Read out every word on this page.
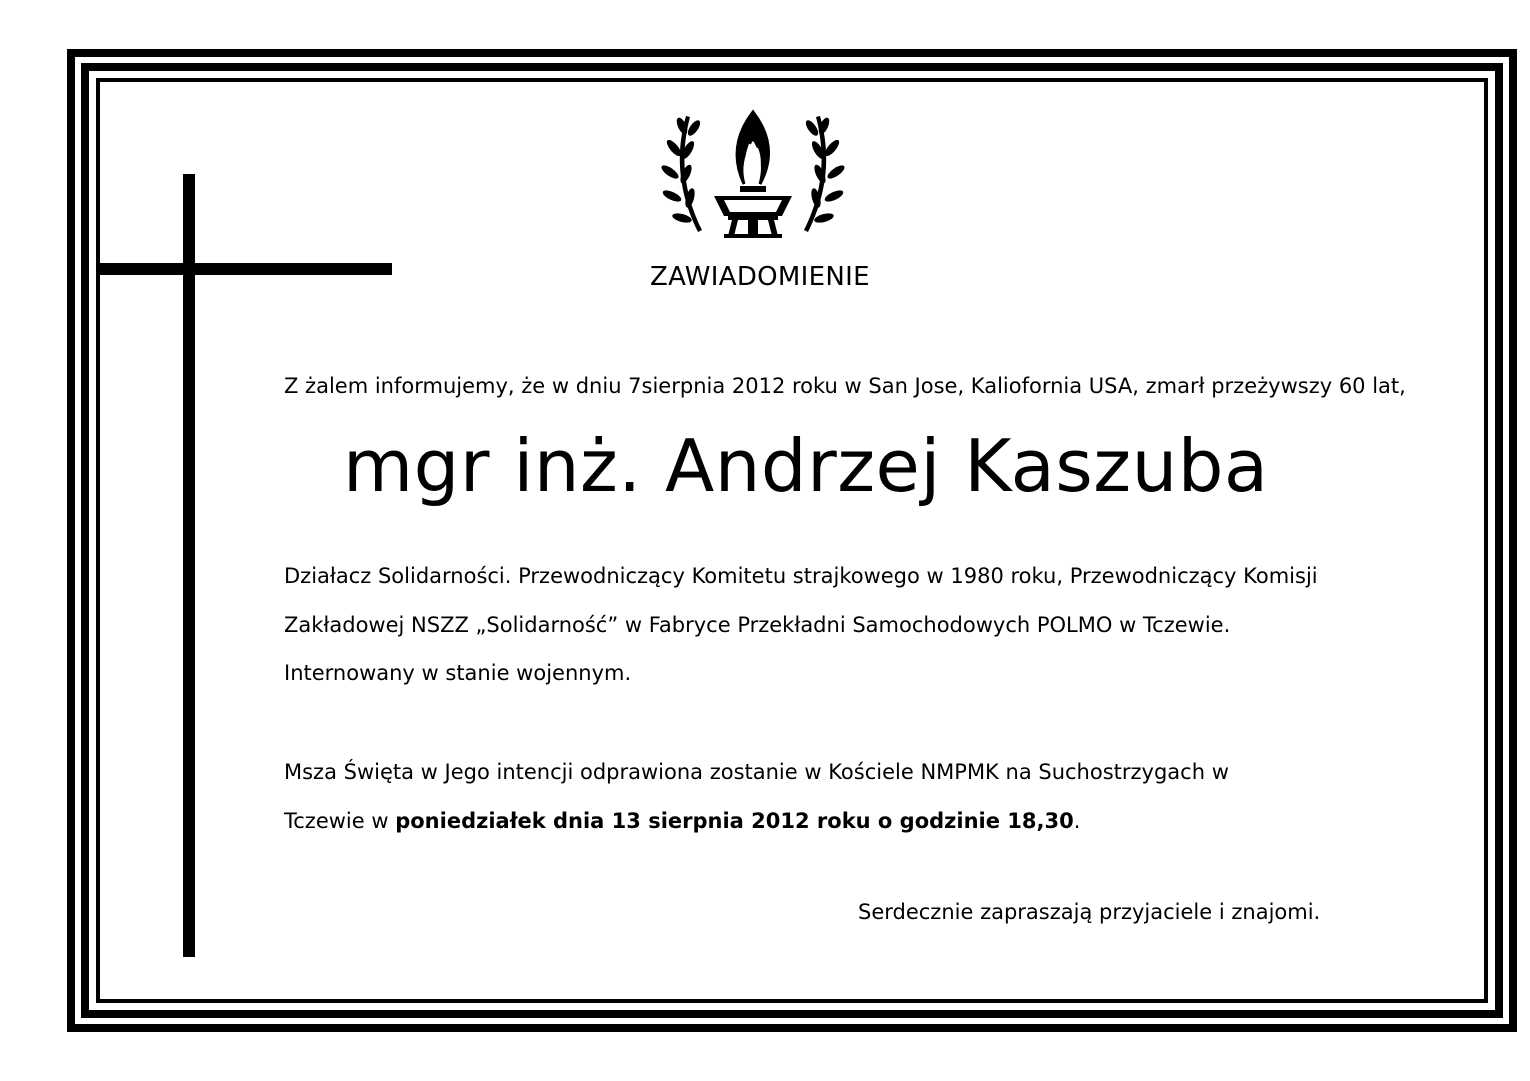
ZAWIADOMIENIE
Z żalem informujemy, że w dniu 7sierpnia 2012 roku w San Jose, Kaliofornia USA, zmarł przeżywszy 60 lat,
mgr inż. Andrzej Kaszuba
Działacz Solidarności. Przewodniczący Komitetu strajkowego w 1980 roku, Przewodniczący Komisji
Zakładowej NSZZ „Solidarność” w Fabryce Przekładni Samochodowych POLMO w Tczewie.
Internowany w stanie wojennym.
Msza Święta w Jego intencji odprawiona zostanie w Kościele NMPMK na Suchostrzygach w
Tczewie w poniedziałek dnia 13 sierpnia 2012 roku o godzinie 18,30.
Serdecznie zapraszają przyjaciele i znajomi.
